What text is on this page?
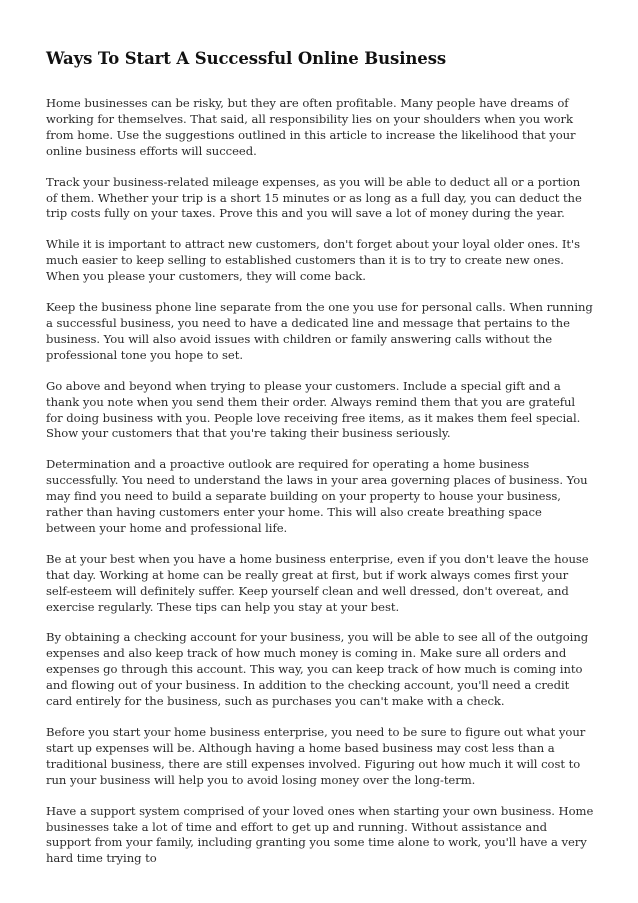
Ways To Start A Successful Online Business

Home businesses can be risky, but they are often profitable. Many people have dreams of working for themselves. That said, all responsibility lies on your shoulders when you work from home. Use the suggestions outlined in this article to increase the likelihood that your online business efforts will succeed.

Track your business-related mileage expenses, as you will be able to deduct all or a portion of them. Whether your trip is a short 15 minutes or as long as a full day, you can deduct the trip costs fully on your taxes. Prove this and you will save a lot of money during the year.

While it is important to attract new customers, don't forget about your loyal older ones. It's much easier to keep selling to established customers than it is to try to create new ones. When you please your customers, they will come back.

Keep the business phone line separate from the one you use for personal calls. When running a successful business, you need to have a dedicated line and message that pertains to the business. You will also avoid issues with children or family answering calls without the professional tone you hope to set.

Go above and beyond when trying to please your customers. Include a special gift and a thank you note when you send them their order. Always remind them that you are grateful for doing business with you. People love receiving free items, as it makes them feel special. Show your customers that that you're taking their business seriously.

Determination and a proactive outlook are required for operating a home business successfully. You need to understand the laws in your area governing places of business. You may find you need to build a separate building on your property to house your business, rather than having customers enter your home. This will also create breathing space between your home and professional life.

Be at your best when you have a home business enterprise, even if you don't leave the house that day. Working at home can be really great at first, but if work always comes first your self-esteem will definitely suffer. Keep yourself clean and well dressed, don't overeat, and exercise regularly. These tips can help you stay at your best.

By obtaining a checking account for your business, you will be able to see all of the outgoing expenses and also keep track of how much money is coming in. Make sure all orders and expenses go through this account. This way, you can keep track of how much is coming into and flowing out of your business. In addition to the checking account, you'll need a credit card entirely for the business, such as purchases you can't make with a check.

Before you start your home business enterprise, you need to be sure to figure out what your start up expenses will be. Although having a home based business may cost less than a traditional business, there are still expenses involved. Figuring out how much it will cost to run your business will help you to avoid losing money over the long-term.

Have a support system comprised of your loved ones when starting your own business. Home businesses take a lot of time and effort to get up and running. Without assistance and support from your family, including granting you some time alone to work, you'll have a very hard time trying to
